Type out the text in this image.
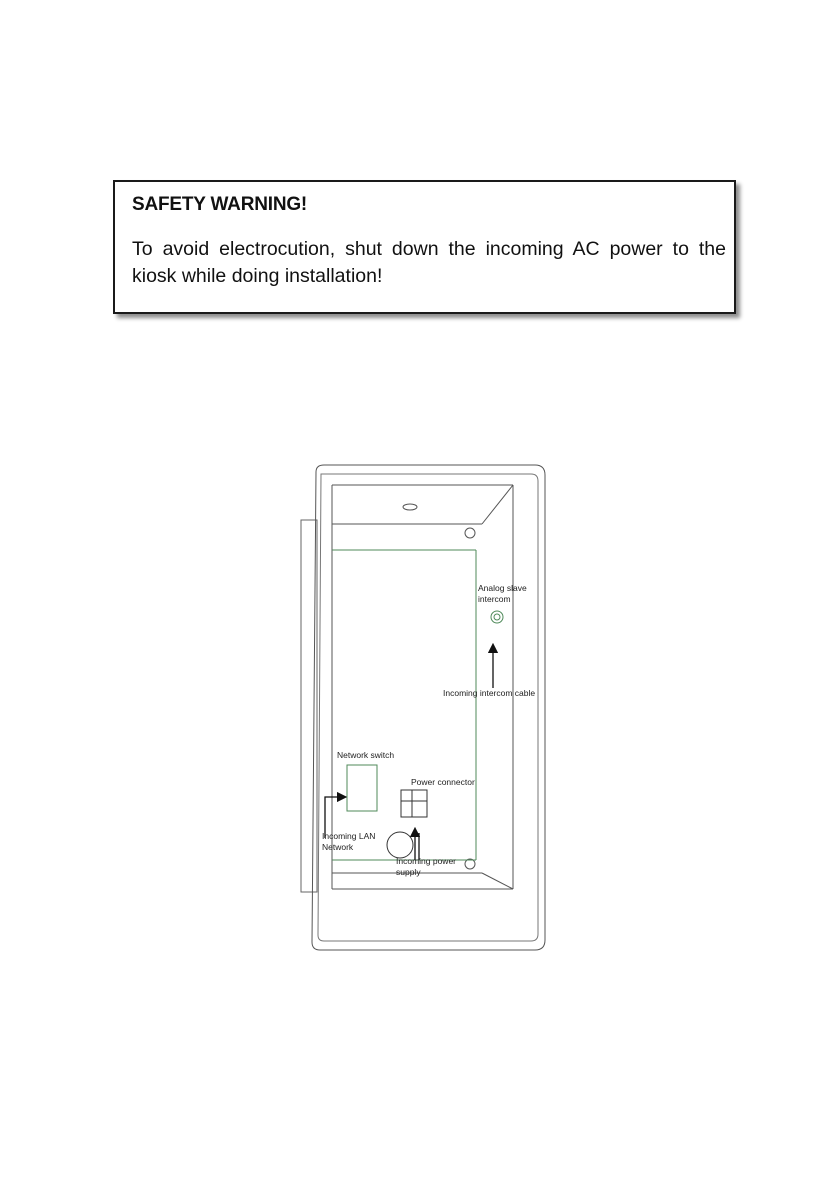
SAFETY WARNING!
To avoid electrocution, shut down the incoming AC power to the kiosk while doing installation!
Analog slave
intercom
Incoming intercom cable
Network switch
Power connector
Incoming LAN
Network
Incoming power
supply
